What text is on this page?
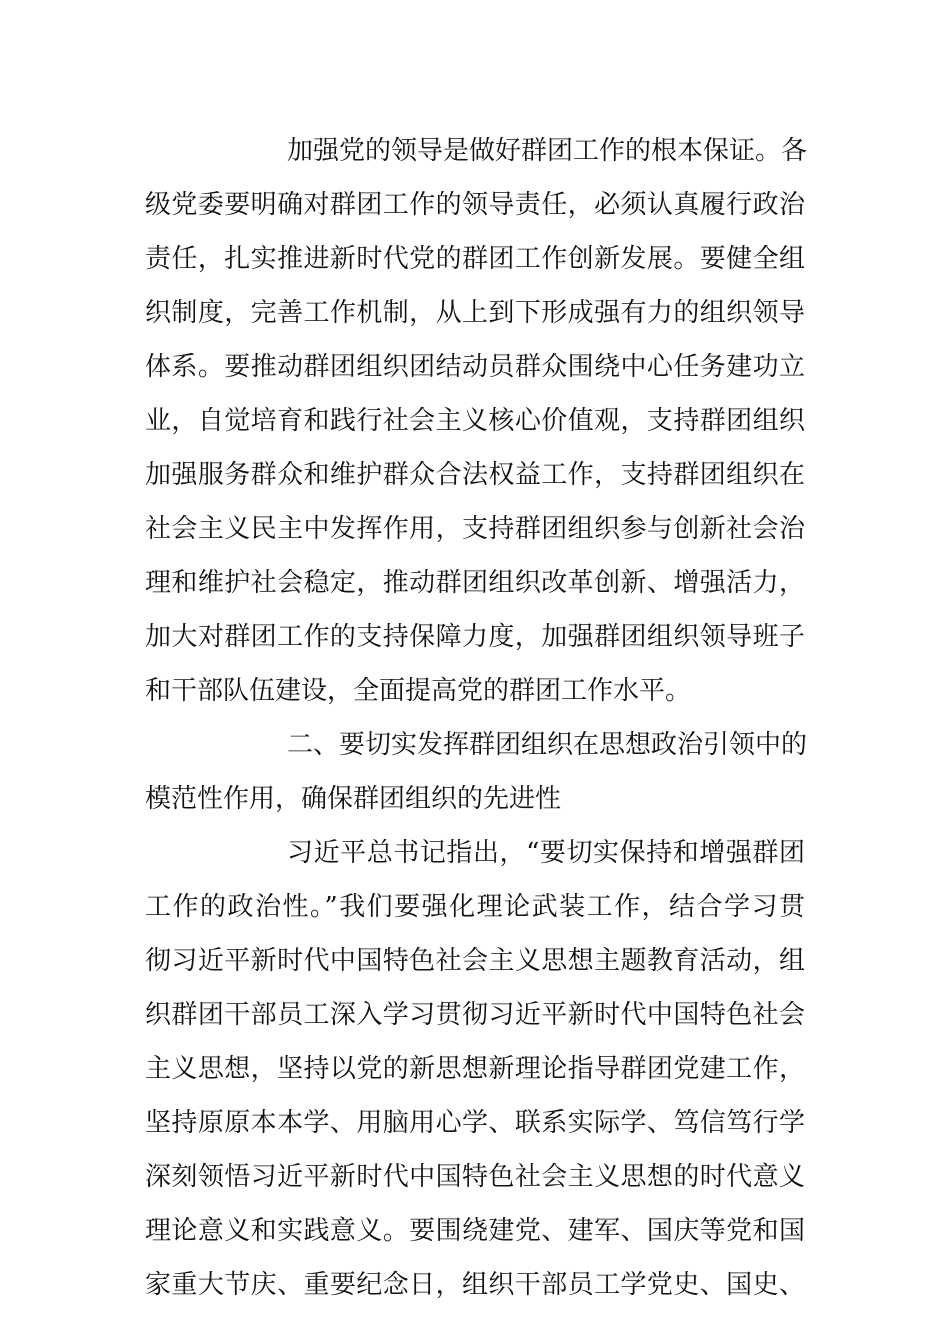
加强党的领导是做好群团工作的根本保证。各
级党委要明确对群团工作的领导责任，必须认真履行政治
责任，扎实推进新时代党的群团工作创新发展。要健全组
织制度，完善工作机制，从上到下形成强有力的组织领导
体系。要推动群团组织团结动员群众围绕中心任务建功立
业，自觉培育和践行社会主义核心价值观，支持群团组织
加强服务群众和维护群众合法权益工作，支持群团组织在
社会主义民主中发挥作用，支持群团组织参与创新社会治
理和维护社会稳定，推动群团组织改革创新、增强活力，
加大对群团工作的支持保障力度，加强群团组织领导班子
和干部队伍建设，全面提高党的群团工作水平。
二、要切实发挥群团组织在思想政治引领中的
模范性作用，确保群团组织的先进性
习近平总书记指出，“要切实保持和增强群团
工作的政治性。”我们要强化理论武装工作，结合学习贯
彻习近平新时代中国特色社会主义思想主题教育活动，组
织群团干部员工深入学习贯彻习近平新时代中国特色社会
主义思想，坚持以党的新思想新理论指导群团党建工作，
坚持原原本本学、用脑用心学、联系实际学、笃信笃行学
深刻领悟习近平新时代中国特色社会主义思想的时代意义
理论意义和实践意义。要围绕建党、建军、国庆等党和国
家重大节庆、重要纪念日，组织干部员工学党史、国史、
